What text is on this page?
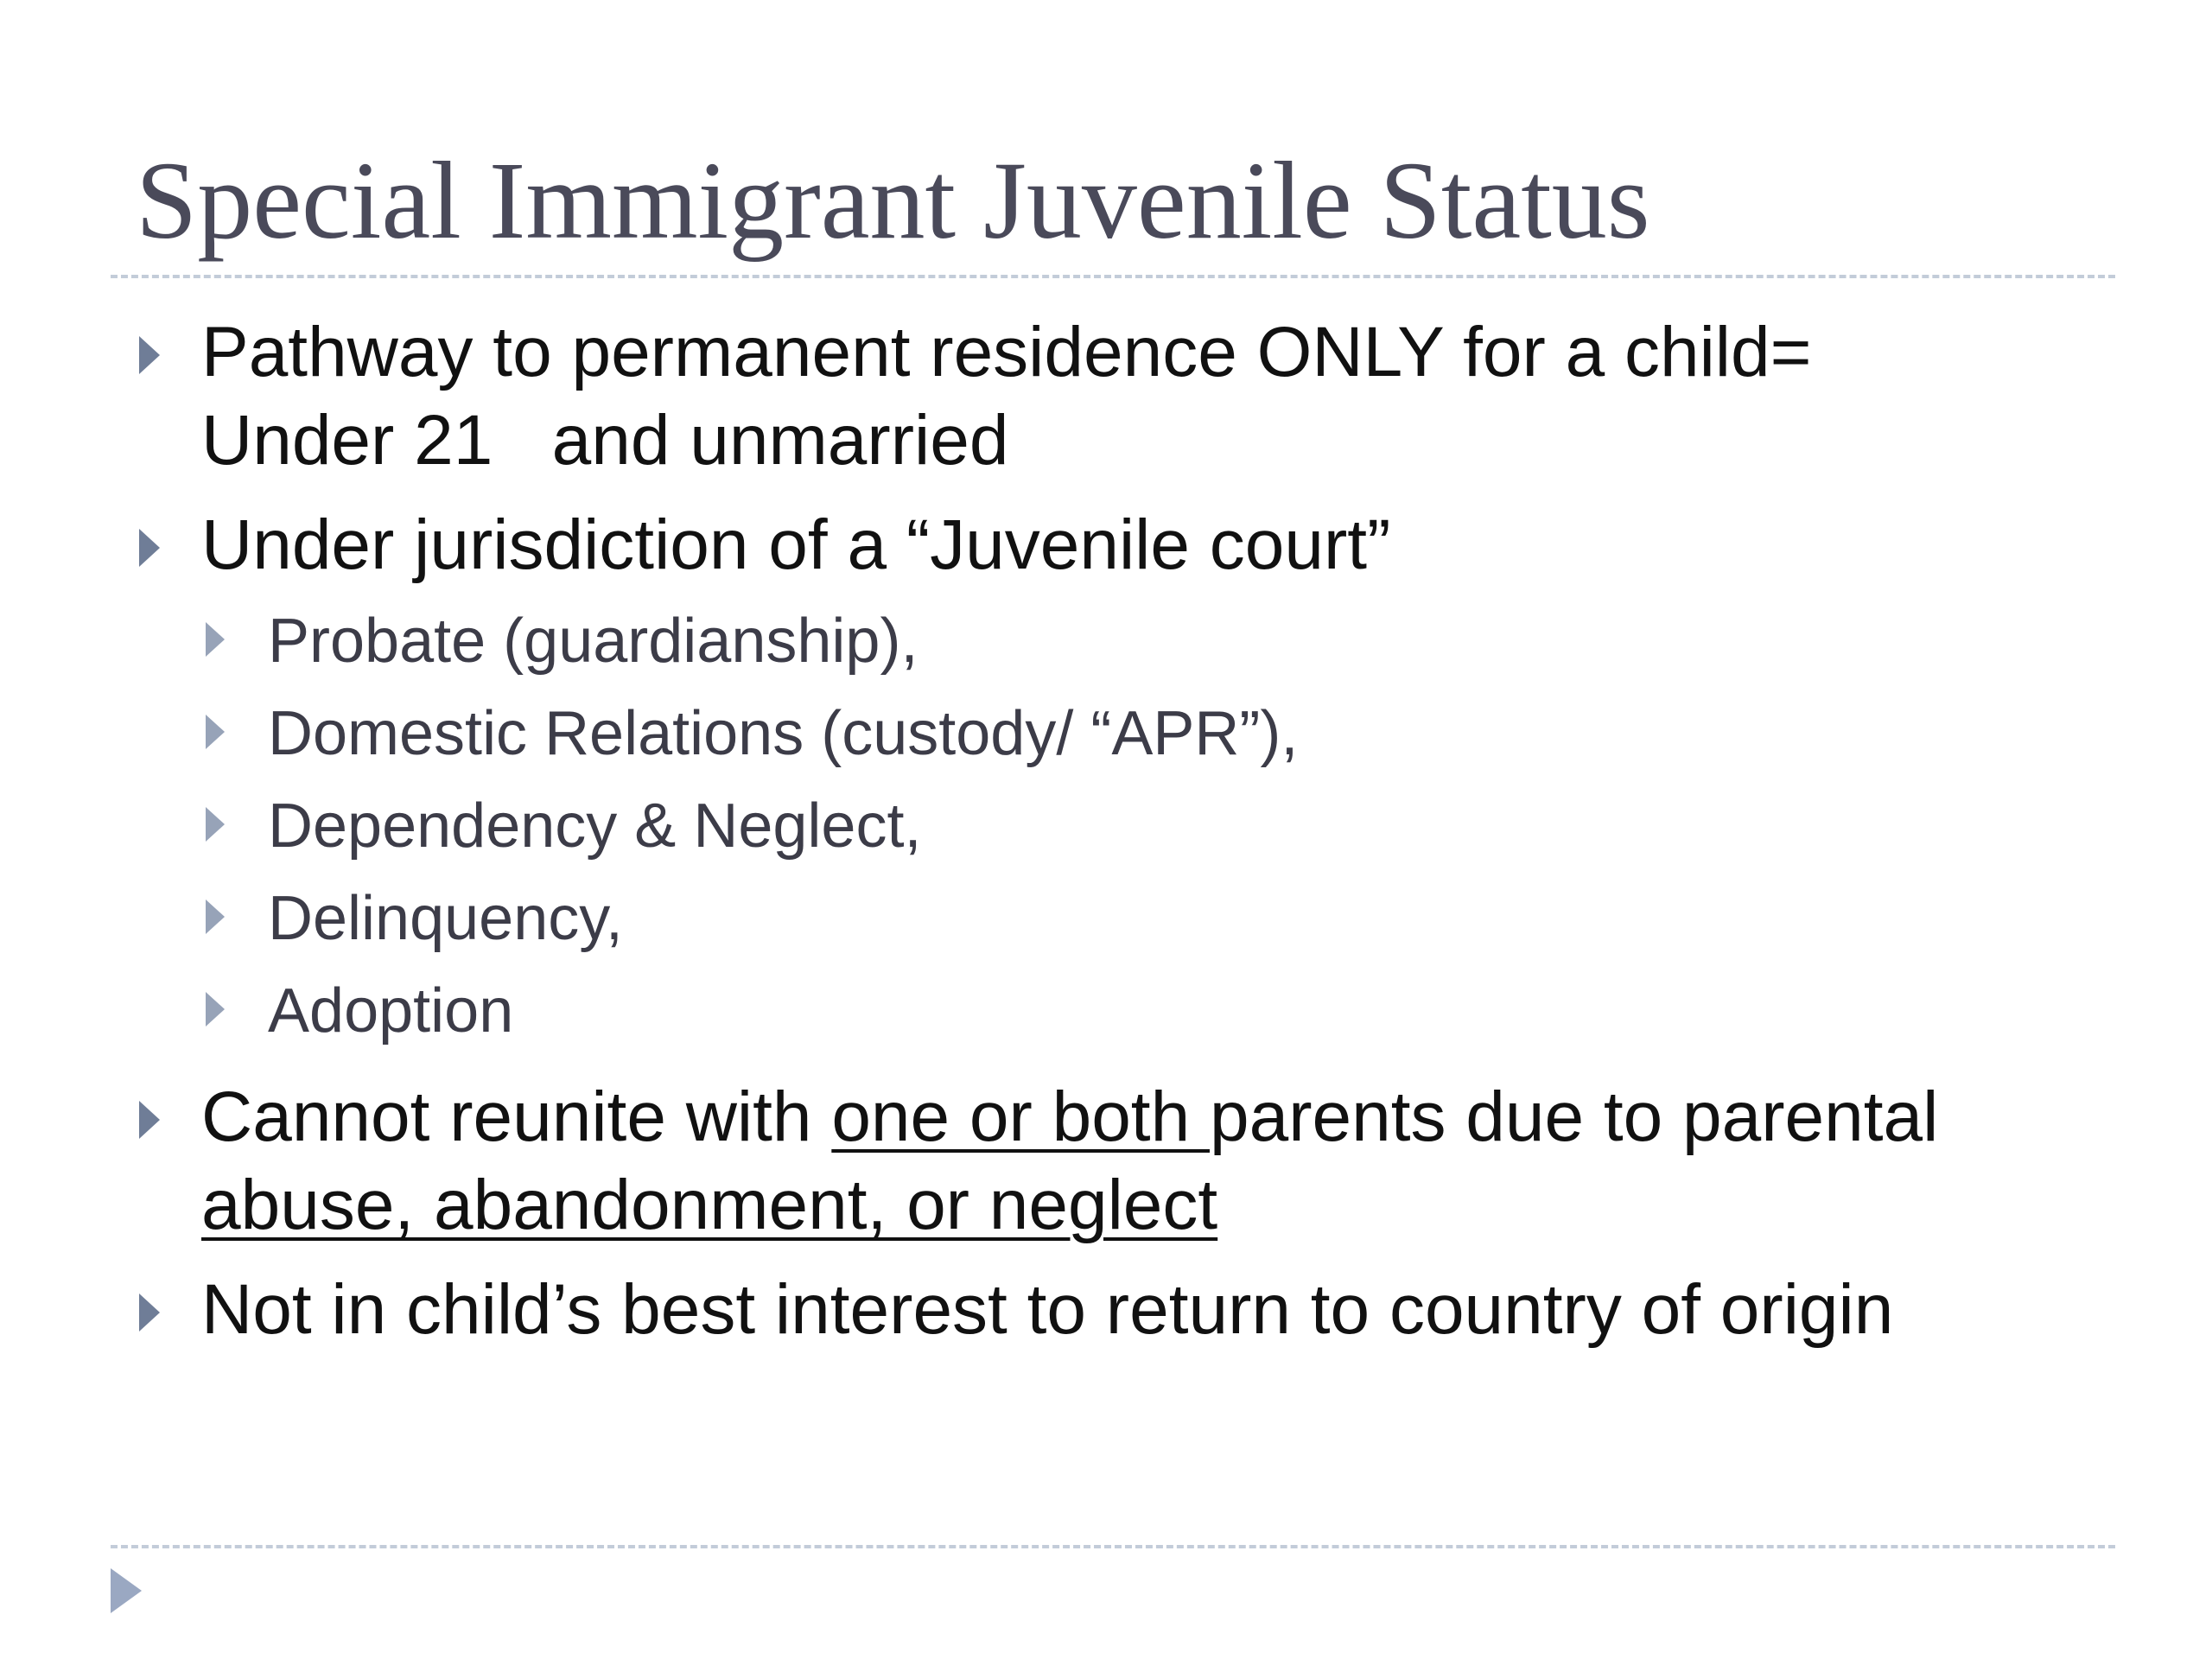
Special Immigrant Juvenile Status
Pathway to permanent residence ONLY for a child=
Under 21   and unmarried
Under jurisdiction of a “Juvenile court”
Probate (guardianship),
Domestic Relations (custody/ “APR”),
Dependency & Neglect,
Delinquency,
Adoption
Cannot reunite with one or both parents due to parental
abuse, abandonment, or neglect
Not in child’s best interest to return to country of origin
